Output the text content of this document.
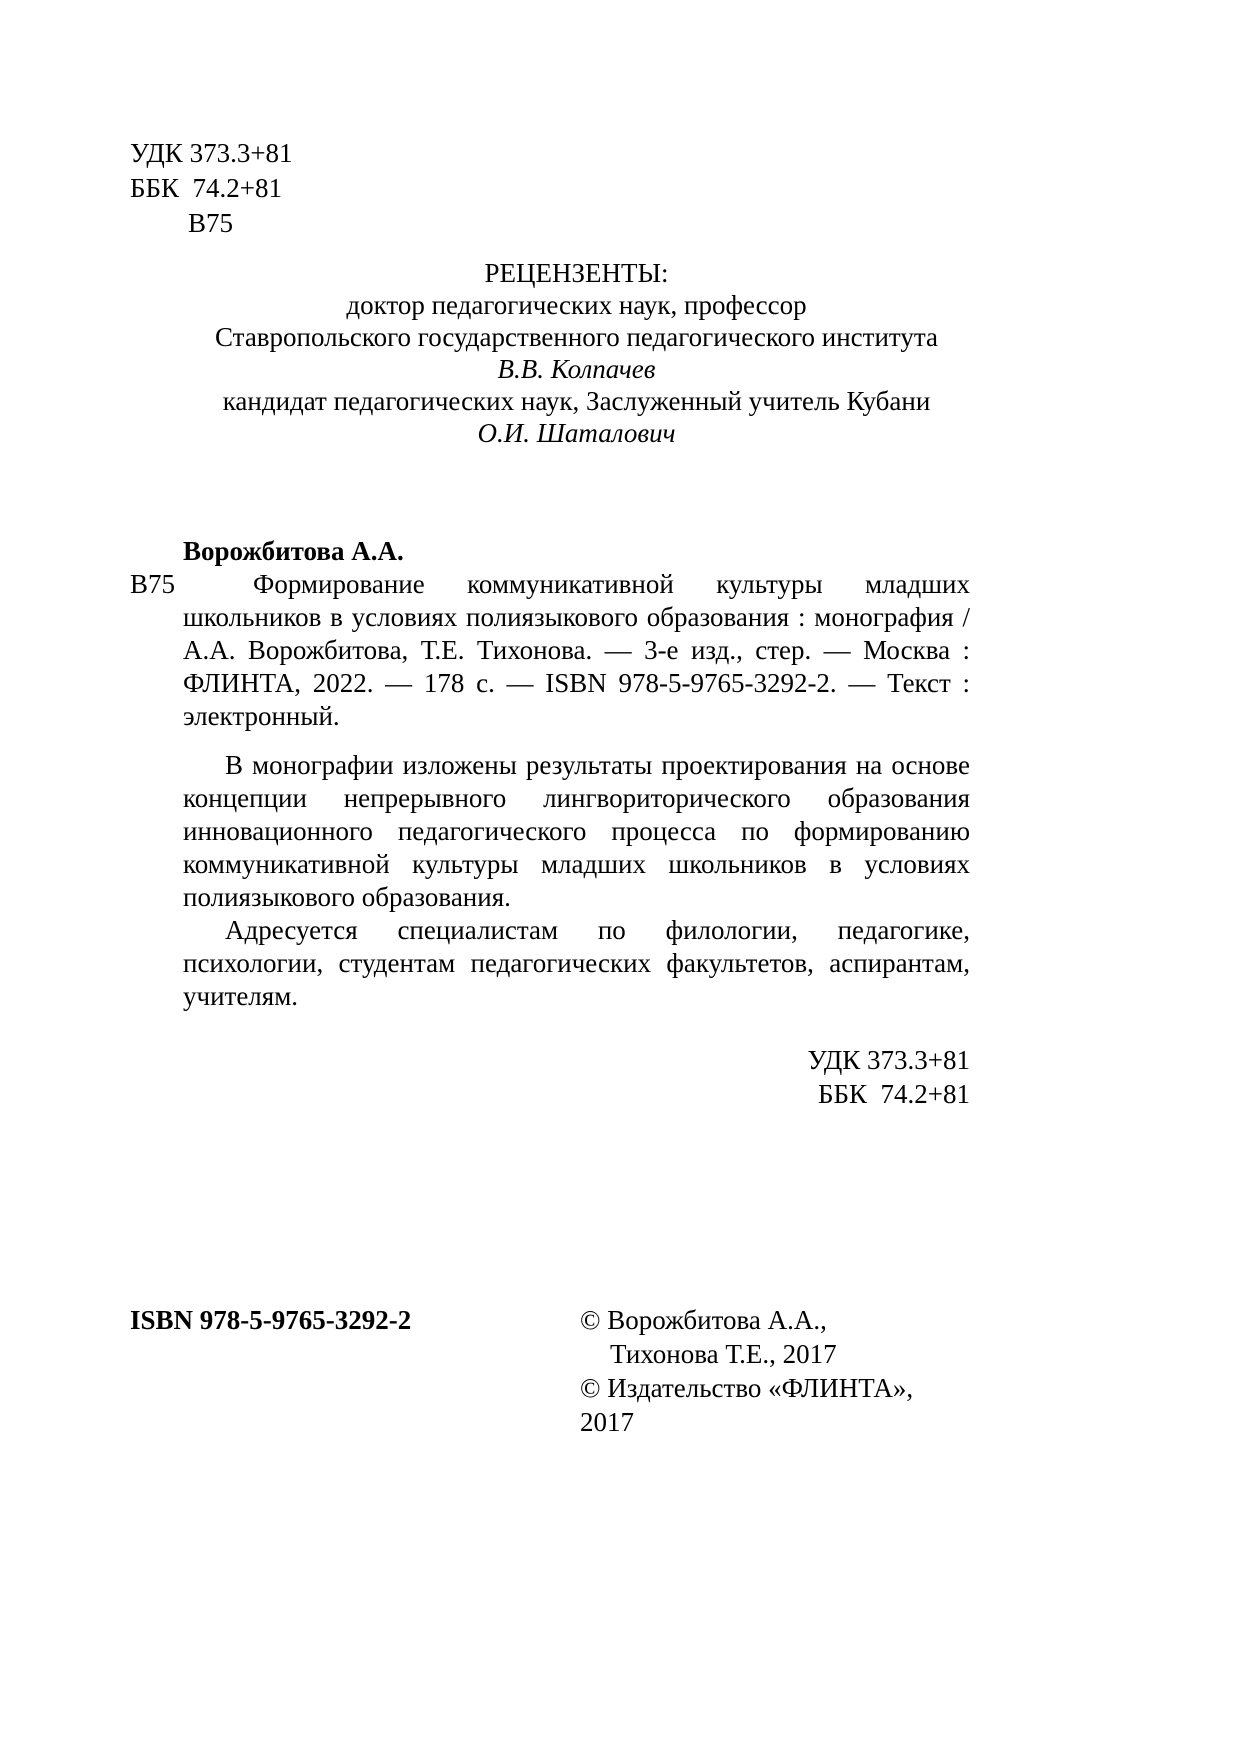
УДК 373.3+81
ББК  74.2+81
В75
РЕЦЕНЗЕНТЫ:
доктор педагогических наук, профессор
Ставропольского государственного педагогического института
В.В. Колпачев
кандидат педагогических наук, Заслуженный учитель Кубани
О.И. Шаталович
Ворожбитова А.А.
В75	Формирование коммуникативной культуры младших школьников в условиях полиязыкового образования : монография / А.А. Ворожбитова, Т.Е. Тихонова. — 3-е изд., стер. — Москва : ФЛИНТА, 2022. — 178 с. — ISBN 978-5-9765-3292-2. — Текст : электронный.

В монографии изложены результаты проектирования на основе концепции непрерывного лингвориторического образования инновационного педагогического процесса по формированию коммуникативной культуры младших школьников в условиях полиязыкового образования.

Адресуется специалистам по филологии, педагогике, психологии, студентам педагогических факультетов, аспирантам, учителям.

УДК 373.3+81
ББК  74.2+81
ISBN 978-5-9765-3292-2	© Ворожбитова А.А.,
Тихонова Т.Е., 2017
© Издательство «ФЛИНТА», 2017
